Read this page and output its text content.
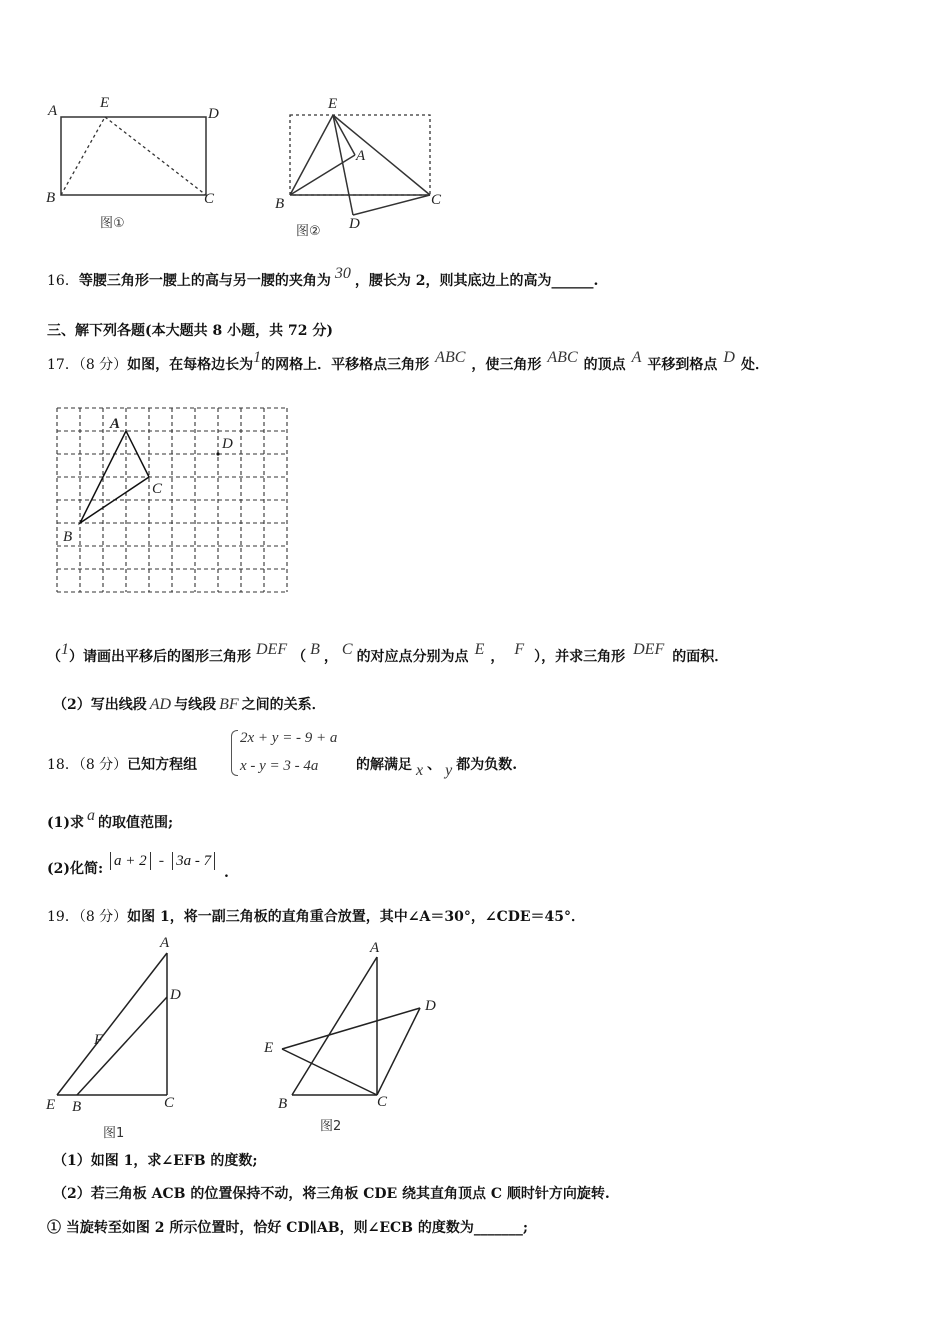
A	E
D
B	C
图①
E
A
B	C
D
图②
16．等腰三角形一腰上的高与另一腰的夹角为 30 ，腰长为 2，则其底边上的高为______.
三、解下列各题(本大题共 8 小题，共 72 分)
17．（8 分）如图，在每格边长为1的网格上．平移格点三角形 ABC ，使三角形 ABC 的顶点 A 平移到格点 D 处．
A
D
C
B
（1）请画出平移后的图形三角形 DEF （ B ， C 的对应点分别为点 E ， F ），并求三角形 DEF 的面积．
（2）写出线段 AD 与线段 BF 之间的关系．
18．（8 分）已知方程组
2x + y = - 9 + a
x - y = 3 - 4a	的解满足 x 、 y 都为负数.
(1)求 a 的取值范围;
(2)化简: a + 2 - 3a - 7
.
19．（8 分）如图 1，将一副三角板的直角重合放置，其中∠A＝30°，∠CDE＝45°．
A
D
F
E B	C
图1
A
D
E
B	C
图2
（1）如图 1，求∠EFB 的度数;
（2）若三角板 ACB 的位置保持不动，将三角板 CDE 绕其直角顶点 C 顺时针方向旋转.
① 当旋转至如图 2 所示位置时，恰好 CD∥AB，则∠ECB 的度数为_______;
